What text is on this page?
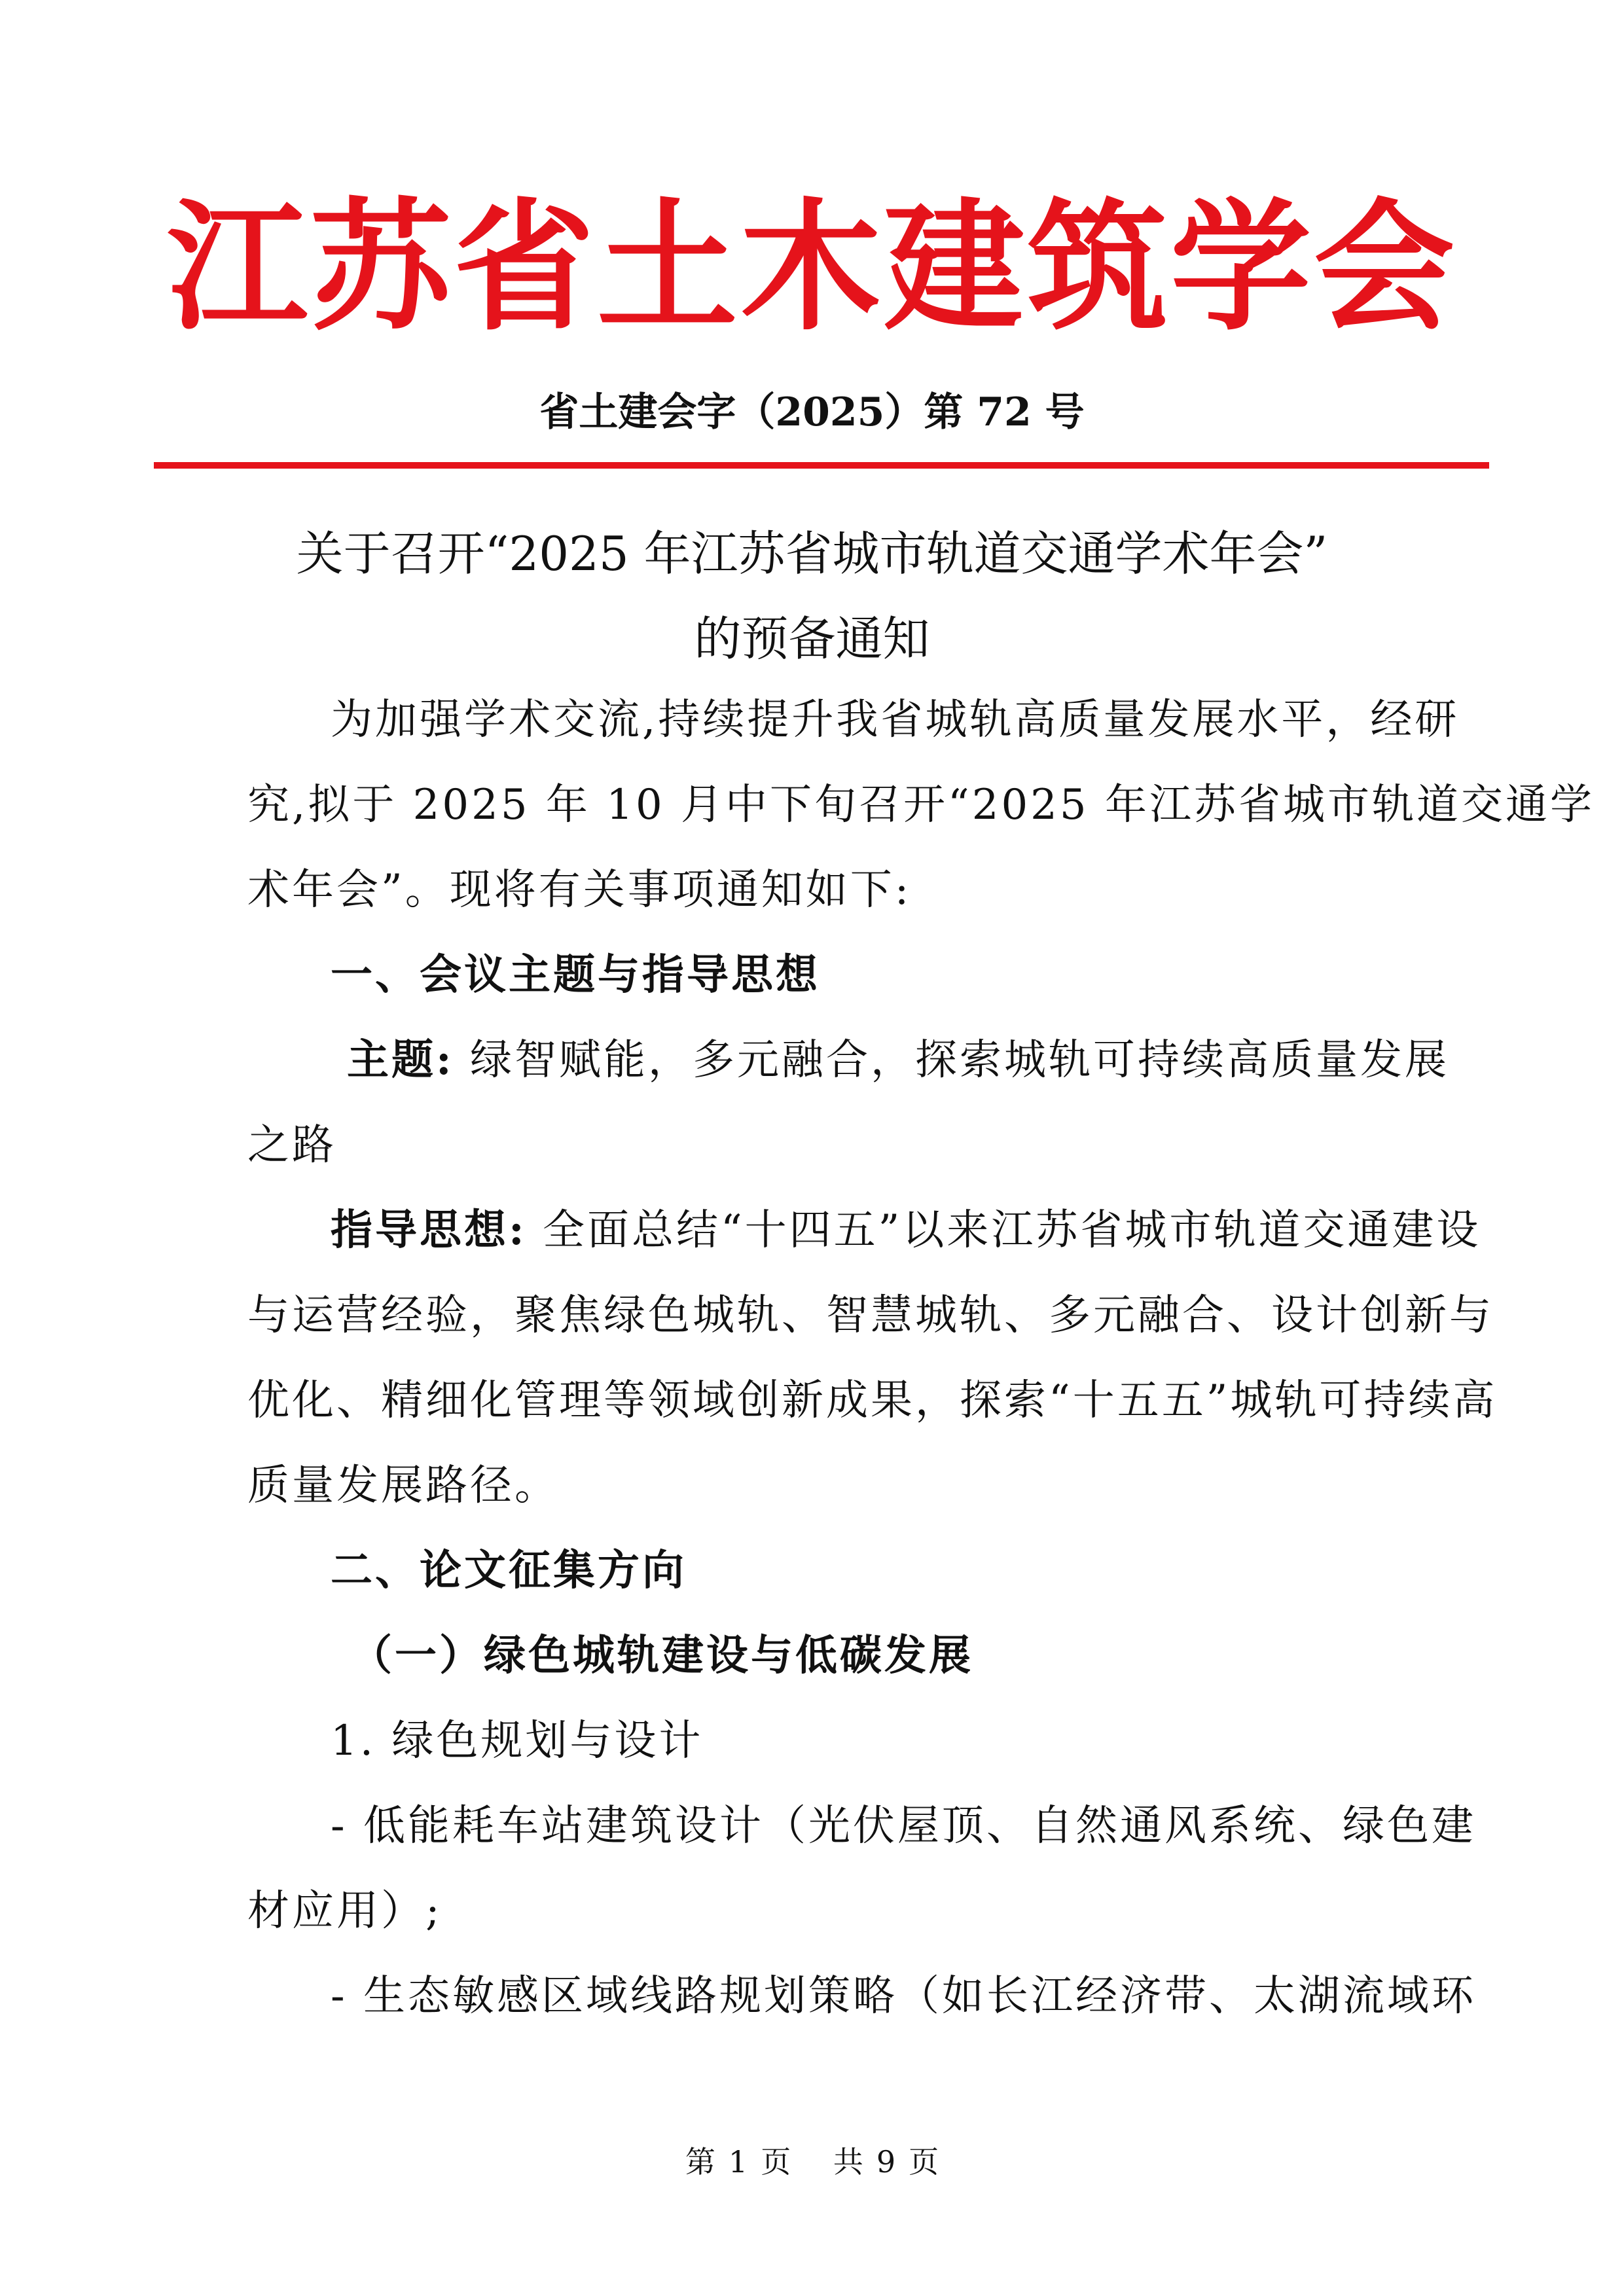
江苏省土木建筑学会
省土建会字（2025）第 72 号
关于召开“2025 年江苏省城市轨道交通学术年会”
的预备通知
为加强学术交流,持续提升我省城轨高质量发展水平，经研
究,拟于 2025 年 10 月中下旬召开“2025 年江苏省城市轨道交通学
术年会”。现将有关事项通知如下:
一、会议主题与指导思想
主题: 绿智赋能，多元融合，探索城轨可持续高质量发展
之路
指导思想: 全面总结“十四五”以来江苏省城市轨道交通建设
与运营经验，聚焦绿色城轨、智慧城轨、多元融合、设计创新与
优化、精细化管理等领域创新成果，探索“十五五”城轨可持续高
质量发展路径。
二、论文征集方向
（一）绿色城轨建设与低碳发展
1. 绿色规划与设计
- 低能耗车站建筑设计（光伏屋顶、自然通风系统、绿色建
材应用）;
- 生态敏感区域线路规划策略（如长江经济带、太湖流域环
第 1 页 共 9 页
